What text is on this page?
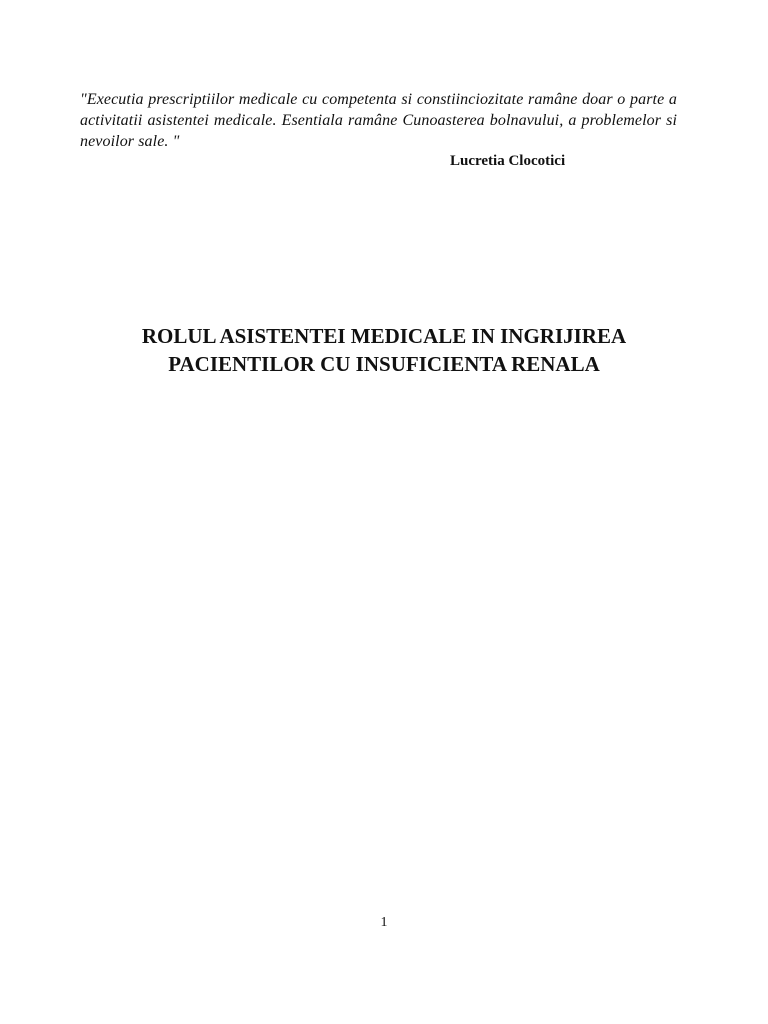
"Executia prescriptiilor medicale cu competenta si constiinciozitate ramâne doar o parte a activitatii asistentei medicale. Esentiala ramâne Cunoasterea bolnavului, a problemelor si nevoilor sale. "

Lucretia Clocotici
ROLUL ASISTENTEI MEDICALE IN INGRIJIREA
PACIENTILOR CU INSUFICIENTA RENALA
1
